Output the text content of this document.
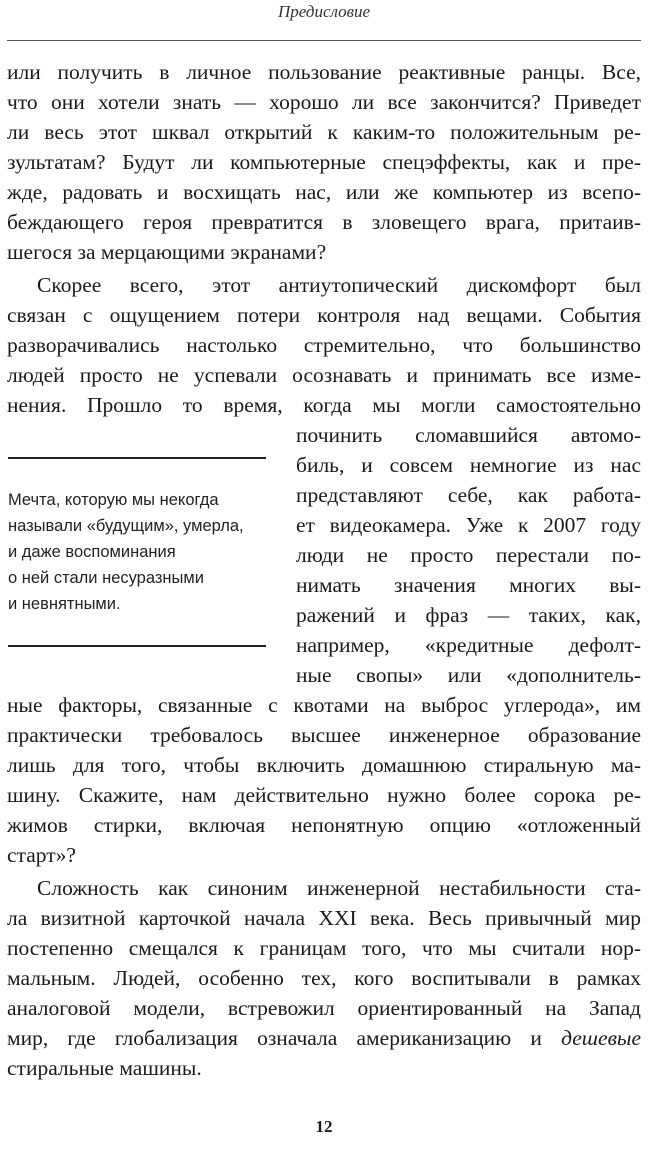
Предисловие
или получить в личное пользование реактивные ранцы. Все,
что они хотели знать — хорошо ли все закончится? Приведет
ли весь этот шквал открытий к каким-то положительным ре-
зультатам? Будут ли компьютерные спецэффекты, как и пре-
жде, радовать и восхищать нас, или же компьютер из всепо-
беждающего героя превратится в зловещего врага, притаив-
шегося за мерцающими экранами?
Скорее всего, этот антиутопический дискомфорт был
связан с ощущением потери контроля над вещами. События
разворачивались настолько стремительно, что большинство
людей просто не успевали осознавать и принимать все изме-
нения. Прошло то время, когда мы могли самостоятельно
починить сломавшийся автомо-
биль, и совсем немногие из нас
представляют себе, как работа-
ет видеокамера. Уже к 2007 году
люди не просто перестали по-
нимать значения многих вы-
ражений и фраз — таких, как,
например, «кредитные дефолт-
ные свопы» или «дополнитель-
ные факторы, связанные с квотами на выброс углерода», им
практически требовалось высшее инженерное образование
лишь для того, чтобы включить домашнюю стиральную ма-
шину. Скажите, нам действительно нужно более сорока ре-
жимов стирки, включая непонятную опцию «отложенный
старт»?
Сложность как синоним инженерной нестабильности ста-
ла визитной карточкой начала XXI века. Весь привычный мир
постепенно смещался к границам того, что мы считали нор-
мальным. Людей, особенно тех, кого воспитывали в рамках
аналоговой модели, встревожил ориентированный на Запад
мир, где глобализация означала американизацию и дешевые
стиральные машины.
Мечта, которую мы некогда
называли «будущим», умерла,
и даже воспоминания
о ней стали несуразными
и невнятными.
12
